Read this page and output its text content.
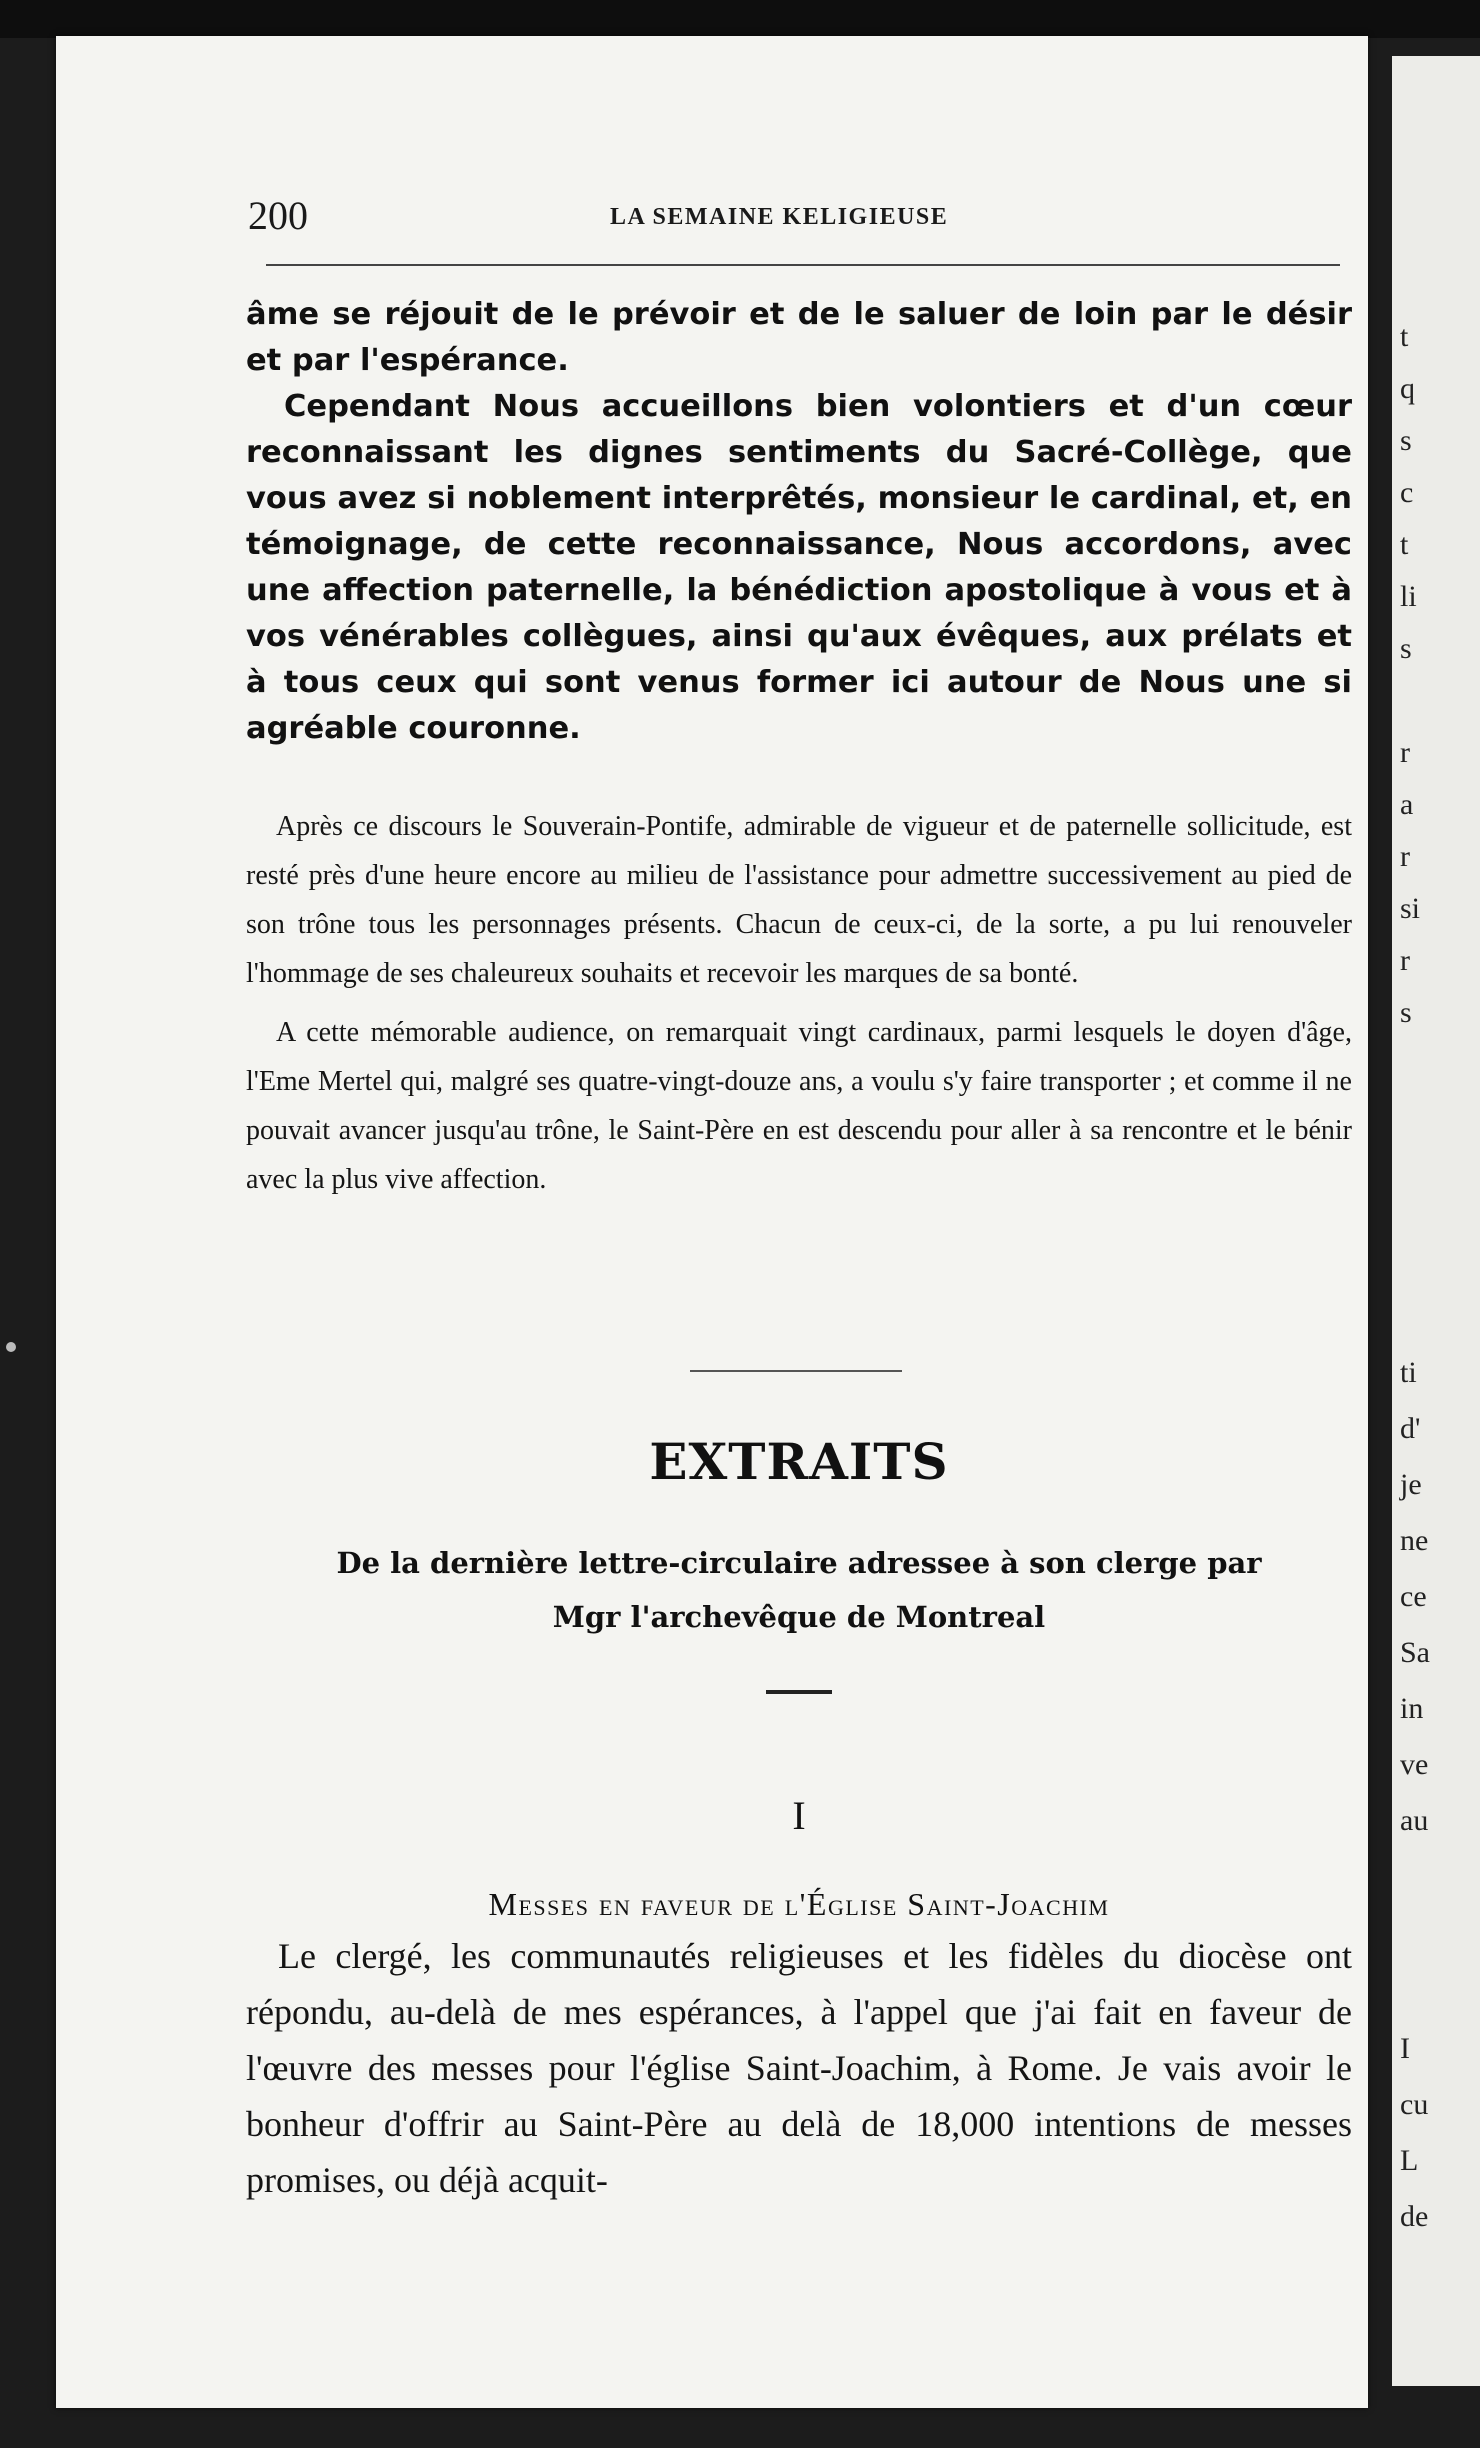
t
q
s
c
t
li
s
r
a
r
si
r
s
ti
d'
je
ne
ce
Sa
in
ve
au
I
cu
L
de
200	LA SEMAINE KELIGIEUSE

âme se réjouit de le prévoir et de le saluer de loin par le désir et par l'espérance.

Cependant Nous accueillons bien volontiers et d'un cœur reconnaissant les dignes sentiments du Sacré-Collège, que vous avez si noblement interprêtés, monsieur le cardinal, et, en témoignage, de cette reconnaissance, Nous accordons, avec une affection paternelle, la bénédiction apostolique à vous et à vos vénérables collègues, ainsi qu'aux évêques, aux prélats et à tous ceux qui sont venus former ici autour de Nous une si agréable couronne.

Après ce discours le Souverain-Pontife, admirable de vigueur et de paternelle sollicitude, est resté près d'une heure encore au milieu de l'assistance pour admettre successivement au pied de son trône tous les personnages présents. Chacun de ceux-ci, de la sorte, a pu lui renouveler l'hommage de ses chaleureux souhaits et recevoir les marques de sa bonté.

A cette mémorable audience, on remarquait vingt cardinaux, parmi lesquels le doyen d'âge, l'Eme Mertel qui, malgré ses quatre-vingt-douze ans, a voulu s'y faire transporter ; et comme il ne pouvait avancer jusqu'au trône, le Saint-Père en est descendu pour aller à sa rencontre et le bénir avec la plus vive affection.

EXTRAITS
De la dernière lettre-circulaire adressee à son clerge par
Mgr l'archevêque de Montreal
I
Messes en faveur de l'Église Saint-Joachim

Le clergé, les communautés religieuses et les fidèles du diocèse ont répondu, au-delà de mes espérances, à l'appel que j'ai fait en faveur de l'œuvre des messes pour l'église Saint-Joachim, à Rome. Je vais avoir le bonheur d'offrir au Saint-Père au delà de 18,000 intentions de messes promises, ou déjà acquit-
